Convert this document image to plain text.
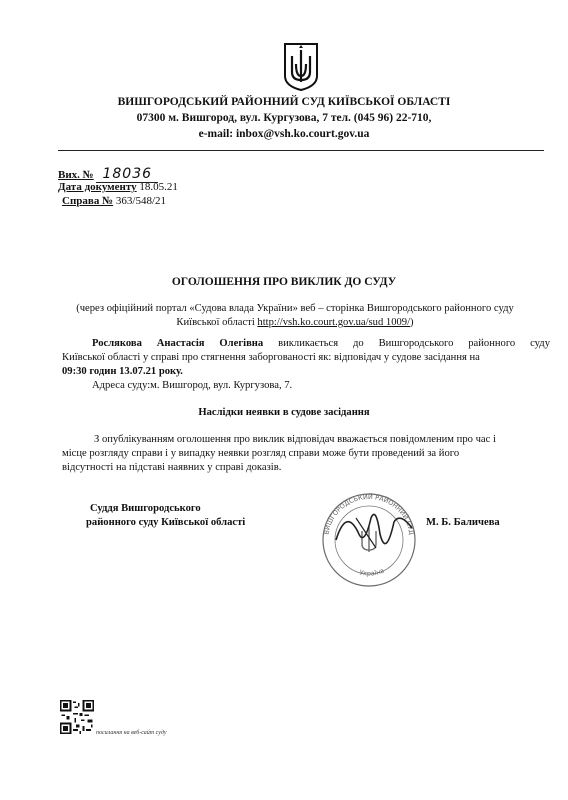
ВИШГОРОДСЬКИЙ РАЙОННИЙ СУД КИЇВСЬКОЇ ОБЛАСТІ
07300 м. Вишгород, вул. Кургузова, 7 тел. (045 96) 22-710,
e-mail: inbox@vsh.ko.court.gov.ua
Вих. № 18036
Дата документу 18.05.21
Справа № 363/548/21
ОГОЛОШЕННЯ ПРО ВИКЛИК ДО СУДУ
(через офіційний портал «Судова влада України» веб – сторінка Вишгородського районного суду
Київської області http://vsh.ko.court.gov.ua/sud 1009/)
Рослякова Анастасія Олегівна викликається до Вишгородського районного суду
Київської області у справі про стягнення заборгованості як: відповідач у судове засідання на
09:30 годин 13.07.21 року.
Адреса суду:м. Вишгород, вул. Кургузова, 7.
Наслідки неявки в судове засідання
З опублікуванням оголошення про виклик відповідач вважається повідомленим про час і
місце розгляду справи і у випадку неявки розгляд справи може бути проведений за його
відсутності на підставі наявних у справі доказів.
Суддя Вишгородського
районного суду Київської області	М. Б. Баличева
ВИШГОРОДСЬКИЙ РАЙОННИЙ СУД
Україна
посилання на веб-сайт суду
